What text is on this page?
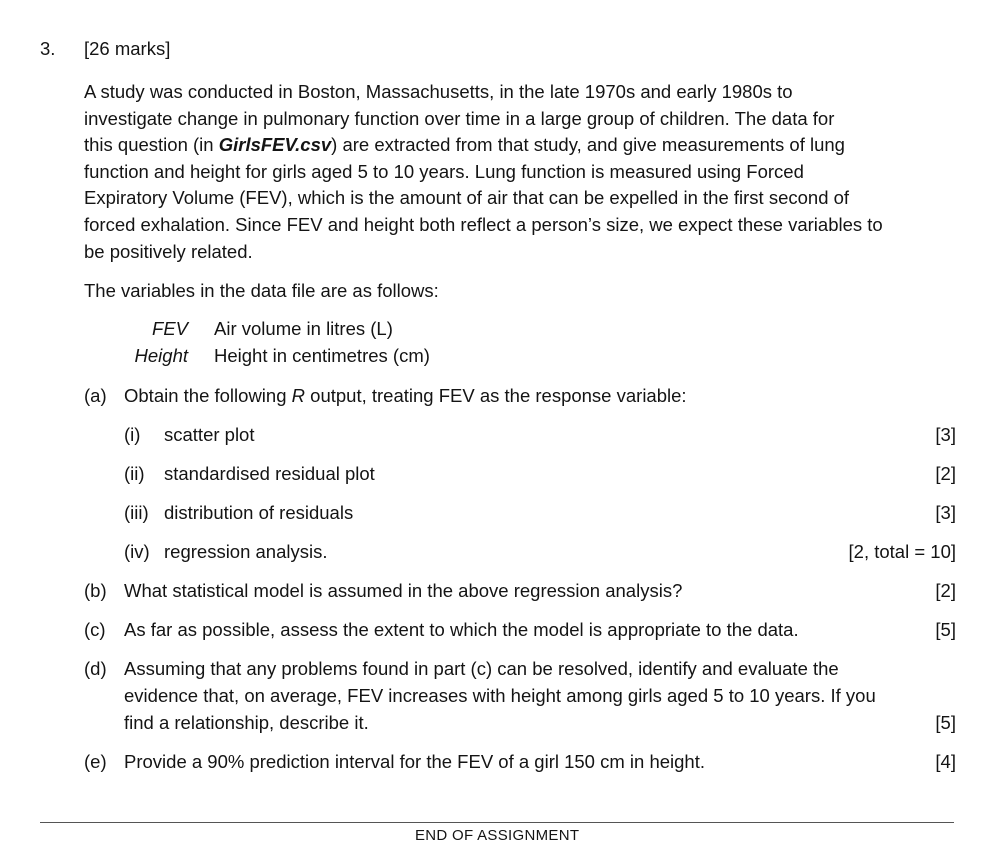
3. [26 marks]
A study was conducted in Boston, Massachusetts, in the late 1970s and early 1980s to
investigate change in pulmonary function over time in a large group of children. The data for
this question (in GirlsFEV.csv) are extracted from that study, and give measurements of lung
function and height for girls aged 5 to 10 years. Lung function is measured using Forced
Expiratory Volume (FEV), which is the amount of air that can be expelled in the first second of
forced exhalation. Since FEV and height both reflect a person’s size, we expect these variables to
be positively related.
The variables in the data file are as follows:
FEV Air volume in litres (L)
Height Height in centimetres (cm)
(a) Obtain the following R output, treating FEV as the response variable:
(i) scatter plot	[3]
(ii) standardised residual plot	[2]
(iii) distribution of residuals	[3]
(iv) regression analysis.	[2, total = 10]
(b) What statistical model is assumed in the above regression analysis?	[2]
(c) As far as possible, assess the extent to which the model is appropriate to the data.	[5]
(d) Assuming that any problems found in part (c) can be resolved, identify and evaluate the
evidence that, on average, FEV increases with height among girls aged 5 to 10 years. If you
find a relationship, describe it.	[5]
(e) Provide a 90% prediction interval for the FEV of a girl 150 cm in height.	[4]
END OF ASSIGNMENT
